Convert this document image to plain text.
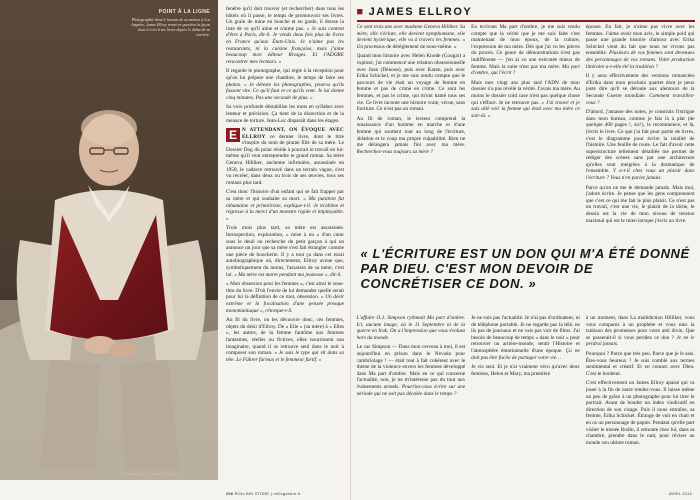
POINT À LA LIGNE
Photographié dans le bureau de sa maison à Los Angeles, James Ellroy remet en question la façon dont il a écrit ses livres depuis le début de sa carrière.
Photographie : Aurelia Sandoval

fenêtre qu'il doit trouver (et rechercher) dans tous les hôtels où il passe, le temps de promouvoir ses livres. Un grain de mine en bouche et en garde, il dresse la liste de ce qu'il aime et n'aime pas. « Je suis content d'être à Paris, dit-il. Je vends deux fois plus de livres en France qu'aux États-Unis. Je n'aime pas les restaurants, ni la cuisine française, mais j'aime beaucoup mon éditeur Rivages. Et J'ADORE rencontrer mes lecteurs. »

Il regarde le photographe, qui règle à la réception pour qu'on lui prépare une chambre, le temps de faire ses photos. « Je déteste les photographes, pourvu qu'ils fassent vite. Ce qu'il faut et ce qu'ils vont. Je lui donne cinq minutes. Pas une seconde de plus. »

Sa voix profonde déstabilise les mots en syllabes avec lenteur et précision. Ça tient de la dissection et de la menace de torture. Jean-Luc disparaît dans les étages.

E N ATTENDANT, ON ÉVOQUE AVEC ELLROY ce dernier livre, dont le titre s'inspire du nom de plume fille de sa mère. Le Dossier Dog du polar réside à pourrait le travail en lui-même qu'il veut entreprendre le grand roman. Sa mère Geneva Hilliker, ancienne infirmière, assassinée en 1958, le cadavre retrouvé dans un terrain vague, s'est vu recréer, dans deux ou trois de ses œuvres, tous ses romans plus tard.

C'est donc l'histoire d'un enfant qui se fait frapper par sa mère et qui souhaite sa mort. « Ma punition fut inhumaine et primitiviste, explique-t-il. Je m'abîme et régresse à la merci d'un monstre rigide et impitoyable. »

Trois mois plus tard, sa mère est assassinée. Introspection, exploration, « mise à nu » d'un cœur sous le deuil ou recherche du petit garçon à qui on annonce un jour que sa mère s'est fait étrangler comme une pièce de boucherie. Il y a tout ça dans cet essai autobiographique où, directement, Ellroy avoue que, symboliquement du moins, l'assassin de sa mère, c'est lui. « Ma mère est morte pendant ma jeunesse », dit-il.

« Mon obsession pour les femmes », c'est ainsi le sous-titre du livre. D'où l'envie de lui demander quelle serait pour lui la définition de ce mot, obsession. « Un désir extrême et la focalisation d'une pensée presque monomaniaque », rétorque-t-il.

Au fil du livre, on les découvre donc, ces femmes, objets du désir d'Ellroy. De « Elle » (sa mère) à « Elles », les autres, de la femme fantôme aux femmes fantasmes, réelles ou fictives, elles nourrissent son imaginaire, quand il se retrouve seul dans le noir à composer son roman. « Je suis le type qui vit dans sa tête. Le Führer furieux et le femmeur furtif. »

206 ROLLING STONE | rollingstone.fr
■ JAMES ELLROY

Ce sont trois ans avec madame Geneva Hilliker. Sa mère, elle s'éclate, elle devient nymphomane, elle devient hystérique, elle va à travers les femmes. « Un processus de dérèglement de nous-même. »

Quand mon histoire avec Helen Knode (Cougar) a explosé, j'ai commencé une relation obsessionnelle avec Joan (Dénoue), puis avec Karen, puis avec Erika Schickel, et je me suis rendu compte que le parcours de vie était un voyage de femme en femme et pas de crime en crime. Ce sont les femmes, et pas le crime, qui m'ont hanté tous ses vie. Ce livre raconte une histoire vraie, vécue, sans fioriture. Ce n'est pas un roman.

Au fil de roman, le lecteur comprend la renaissance d'un homme en marche et d'une femme qui soutient tout au long de l'écriture, ablation et le coup ma propre culpabilité. Rien ne me dérangera jamais fini avec ma mère. Recherchez-vous toujours sa mère ?

En écrivant Ma part d'ombre, je me suis rendu compte que la vérité que je me suis faite c'est maintenant de mon époux, de la culture, l'expression de ma mère. Dès que j'ai vu les pièces du procès. Ce genre de démonstrations n'est pas indifférente — j'en ai vu une exécutée mieux de femme. Mais la suite n'est pas ma mère. Ma part d'ombre, qui l'écrit ?

Mais mes vingt ans plus tard l'ADN de mon dossier n'a pas révélé la vérité. J'avais ma mère. Au moins le dossier cold case n'est pas quelque chose qui s'efface. Je ne retrouve pas. « J'ai trouvé et je suis allé voir la femme qui était avec ma mère ce soir-là. »

épouse. En fait, je n'aime pas vivre avec les femmes. J'aime avoir mon avis, le simple poid qui passe une grande histoire d'amour avec Erika Schickel vient du fait que nous ne vivons pas ensemble. Plusieurs de vos femmes sont devenues des personnages de vos romans. Votre production littéraire a-t-elle été la tradition ?

Il y aura effectivement des versions romancées d'Erika dans mon prochain quartet dont je peux juste dire qu'il se déroule aux alentours de la Seconde Guerre mondiale. Comment travaillez-vous ?

D'abord, j'amasse des notes, je construis l'intrigue dans mon bureau, comme je fais là à plat (de quelque 400 pages !, sic!), le recommence, et là, j'écris le livre. Ce que j'ai fait pour partie de livres, c'est le diagramme pour écrire la totalité de l'histoire. Une feuille de route. Le fait d'avoir cette superstructure tellement détaillée me permet de rédiger des scènes sans par une architecture qu'elles sont intégrées à la dramatique de l'ensemble. Y a-t-il chez vous un plaisir dans l'écriture ? Vous n'en parlez jamais.

Parce qu'on ne me le demande jamais. Mais moi, j'adore écrire. Je pense que les gens comprennent que c'est ce qui me fait le plus plaisir. Ce n'est pas un travail, c'est une vie, le plaisir de la tâche, le dessin est la vie de mon niveau de tension maximal qui est le mien lorsque j'écris un livre.

« L'ÉCRITURE EST UN DON QUI M'A ÉTÉ DONNÉ PAR DIEU. C'EST MON DEVOIR DE CONCRÉTISER CE DON. »

L'affaire O.J. Simpson rythmait Ma part d'ombre. Ici, aucune image, où le 11 Septembre ni de la guerre en Irak. On a l'impression que vous évoluez hors du monde.

Le cas Simpson — Dans mon cerveau à moi, il est aujourd'hui en prison dans le Nevada pour cambriolage ! — était tout à fait cohérent avec le thème de la violence envers les femmes développé dans Ma part d'ombre. Mais en ce qui concerne l'actualité, non, je ne m'intéresse pas du tout aux événements actuels. Pourriez-vous écrire sur une période qui ne soit pas décalée dans le temps ?

Je ne suis pas l'actualité. Je n'ai pas d'ordinateur, ni de téléphone portable. Je ne regarde pas la télé, ne lis pas de journaux et ne vais pas voir de films. J'ai besoin de beaucoup de temps « dans le noir » pour retrouver un arrière-monde, sentir l'Histoire et l'atmosphère émotionnelle d'une époque. Ça ne doit pas être facile de partager votre vie…

Je vis seul. Et je n'ai vraiment vécu qu'avec deux femmes, Helen et Mary, ma première

à un moment, dans La malédiction Hilliker, vous vous comparez à un prophète et vous niez la trahison des promesses pour votre ami divin. Que se passerait-il si vous perdiez ce don ? Je ne le perdrai jamais.

Pourquoi ? Parce que très peu. Parce que je le sais. Êtes-vous heureux ? Je suis comblé aux termes sentimental et créatif. Et en contact avec Dieu. C'est le bonheur.

C'est effectivement un James Ellroy apaisé qui va jouer à la fin de notre rendez-vous. Il laisse même un peu de grâce à un photographe pour lui tirer le portrait. Avant de bouder un index vindicatif en direction de son visage. Puis il nous entraîne, sa femme, Erika Schickel. Étrange de voir en chair et en os un personnage de papier. Pendant qu'elle part visiter le musée Rodin, il remonte chez lui, dans sa chambre, prendre dans le nuit, pour réviser au monde son ultime roman.

AVRIL 2012
